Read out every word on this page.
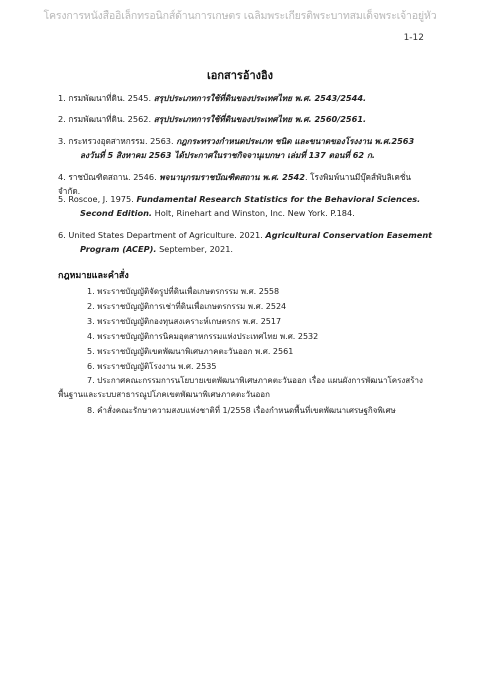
โครงการหนังสืออิเล็กทรอนิกส์ด้านการเกษตร เฉลิมพระเกียรติพระบาทสมเด็จพระเจ้าอยู่หัว
1-12
เอกสารอ้างอิง
1. กรมพัฒนาที่ดิน. 2545. สรุปประเภทการใช้ที่ดินของประเทศไทย พ.ศ. 2543/2544.
2. กรมพัฒนาที่ดิน. 2562. สรุปประเภทการใช้ที่ดินของประเทศไทย พ.ศ. 2560/2561.
3. กระทรวงอุตสาหกรรม. 2563. กฎกระทรวงกำหนดประเภท ชนิด และขนาดของโรงงาน พ.ศ.2563
ลงวันที่ 5 สิงหาคม 2563 ได้ประกาศในราชกิจจานุเบกษา เล่มที่ 137 ตอนที่ 62 ก.
4. ราชบัณฑิตสถาน. 2546. พจนานุกรมราชบัณฑิตสถาน พ.ศ. 2542. โรงพิมพ์นานมีบุ๊คส์พับลิเคชั่น จำกัด.
5. Roscoe, J. 1975. Fundamental Research Statistics for the Behavioral Sciences.
Second Edition. Holt, Rinehart and Winston, Inc. New York. P.184.
6. United States Department of Agriculture. 2021. Agricultural Conservation Easement
Program (ACEP). September, 2021.
กฎหมายและคำสั่ง
1. พระราชบัญญัติจัดรูปที่ดินเพื่อเกษตรกรรม พ.ศ. 2558
2. พระราชบัญญัติการเช่าที่ดินเพื่อเกษตรกรรม พ.ศ. 2524
3. พระราชบัญญัติกองทุนสงเคราะห์เกษตรกร พ.ศ. 2517
4. พระราชบัญญัติการนิคมอุตสาหกรรมแห่งประเทศไทย พ.ศ. 2532
5. พระราชบัญญัติเขตพัฒนาพิเศษภาคตะวันออก พ.ศ. 2561
6. พระราชบัญญัติโรงงาน พ.ศ. 2535
7. ประกาศคณะกรรมการนโยบายเขตพัฒนาพิเศษภาคตะวันออก เรื่อง แผนผังการพัฒนาโครงสร้าง
พื้นฐานและระบบสาธารณูปโภคเขตพัฒนาพิเศษภาคตะวันออก
8. คำสั่งคณะรักษาความสงบแห่งชาติที่ 1/2558 เรื่องกำหนดพื้นที่เขตพัฒนาเศรษฐกิจพิเศษ
